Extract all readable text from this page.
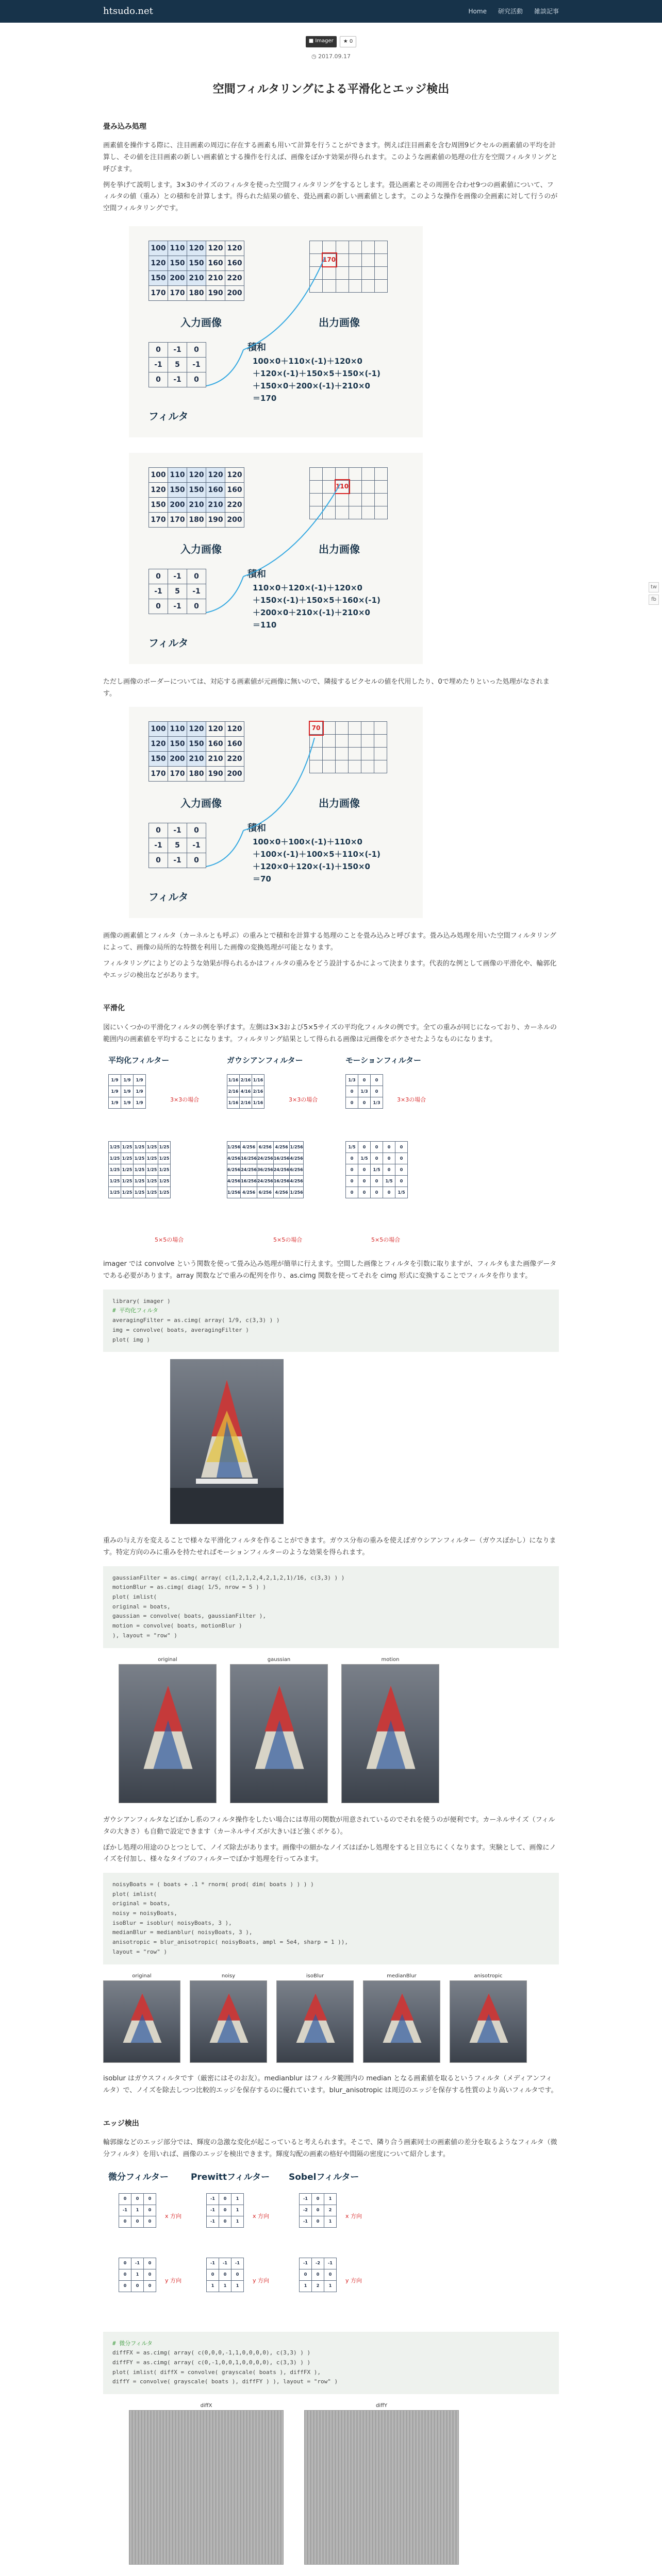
htsudo.net	Home 研究活動 雑談記事
tw
fb
■ Imager	★ 0
◷ 2017.09.17
空間フィルタリングによる平滑化とエッジ検出
畳み込み処理

画素値を操作する際に、注目画素の周辺に存在する画素も用いて計算を行うことができます。例えば注目画素を含む周囲9ピクセルの画素値の平均を計算し、その値を注目画素の新しい画素値とする操作を行えば、画像をぼかす効果が得られます。このような画素値の処理の仕方を空間フィルタリングと呼びます。

例を挙げて説明します。3×3のサイズのフィルタを使った空間フィルタリングをするとします。畳込画素とその周囲を合わせ9つの画素値について、フィルタの値（重み）との積和を計算します。得られた結果の値を、畳込画素の新しい画素値とします。このような操作を画像の全画素に対して行うのが空間フィルタリングです。

100	110	120	120	120
120	150	150	160	160
150	200	210	210	220
170	170	180	190	200
入力画像

	170				

出力画像
0	-1	0
-1	5	-1
0	-1	0
フィルタ
積和
100×0＋110×(-1)＋120×0
＋120×(-1)＋150×5＋150×(-1)
＋150×0＋200×(-1)＋210×0
＝170
100	110	120	120	120
120	150	150	160	160
150	200	210	210	220
170	170	180	190	200
入力画像

		110			

出力画像
0	-1	0
-1	5	-1
0	-1	0
フィルタ
積和
110×0＋120×(-1)＋120×0
＋150×(-1)＋150×5＋160×(-1)
＋200×0＋210×(-1)＋210×0
＝110

ただし画像のボーダーについては、対応する画素値が元画像に無いので、隣接するピクセルの値を代用したり、0で埋めたりといった処理がなされます。

100	110	120	120	120
120	150	150	160	160
150	200	210	210	220
170	170	180	190	200
入力画像
70					

出力画像
0	-1	0
-1	5	-1
0	-1	0
フィルタ
積和
100×0＋100×(-1)＋110×0
＋100×(-1)＋100×5＋110×(-1)
＋120×0＋120×(-1)＋150×0
＝70

画像の画素値とフィルタ（カーネルとも呼ぶ）の重みとで積和を計算する処理のことを畳み込みと呼びます。畳み込み処理を用いた空間フィルタリングによって、画像の局所的な特徴を利用した画像の変換処理が可能となります。

フィルタリングによりどのような効果が得られるかはフィルタの重みをどう設計するかによって決まります。代表的な例として画像の平滑化や、輪郭化やエッジの検出などがあります。

平滑化

図にいくつかの平滑化フィルタの例を挙げます。左側は3×3および5×5サイズの平均化フィルタの例です。全ての重みが同じになっており、カーネルの範囲内の画素値を平均することになります。フィルタリング結果として得られる画像は元画像をボケさせたようなものになります。

平均化フィルター	ガウシアンフィルター	モーションフィルター
1/9	1/9	1/9
1/9	1/9	1/9
1/9	1/9	1/9
1/16	2/16	1/16
2/16	4/16	2/16
1/16	2/16	1/16
1/3	0	0
0	1/3	0
0	0	1/3
3×3の場合	3×3の場合	3×3の場合
1/25	1/25	1/25	1/25	1/25
1/25	1/25	1/25	1/25	1/25
1/25	1/25	1/25	1/25	1/25
1/25	1/25	1/25	1/25	1/25
1/25	1/25	1/25	1/25	1/25
1/256	4/256	6/256	4/256	1/256
4/256	16/256	24/256	16/256	4/256
6/256	24/256	36/256	24/256	6/256
4/256	16/256	24/256	16/256	4/256
1/256	4/256	6/256	4/256	1/256
1/5	0	0	0	0
0	1/5	0	0	0
0	0	1/5	0	0
0	0	0	1/5	0
0	0	0	0	1/5
5×5の場合	5×5の場合	5×5の場合

imager では convolve という関数を使って畳み込み処理が簡単に行えます。空間した画像とフィルタを引数に取りますが、フィルタもまた画像データである必要があります。array 関数などで重みの配列を作り、as.cimg 関数を使ってそれを cimg 形式に変換することでフィルタを作ります。

library( imager )
# 平均化フィルタ
averagingFilter = as.cimg( array( 1/9, c(3,3) ) )
img = convolve( boats, averagingFilter )
plot( img )

重みの与え方を変えることで様々な平滑化フィルタを作ることができます。ガウス分布の重みを使えばガウシアンフィルター（ガウスぼかし）になります。特定方向のみに重みを持たせればモーションフィルターのような効果を得られます。

gaussianFilter = as.cimg( array( c(1,2,1,2,4,2,1,2,1)/16, c(3,3) ) )
motionBlur = as.cimg( diag( 1/5, nrow = 5 ) )
plot( imlist(
original = boats,
gaussian = convolve( boats, gaussianFilter ),
motion = convolve( boats, motionBlur )
), layout = "row" )
original	gaussian	motion

ガウシアンフィルタなどぼかし系のフィルタ操作をしたい場合には専用の関数が用意されているのでそれを使うのが便利です。カーネルサイズ（フィルタの大きさ）も自動で設定できます（カーネルサイズが大きいほど強くボケる）。

ぼかし処理の用途のひとつとして、ノイズ除去があります。画像中の細かなノイズはぼかし処理をすると目立ちにくくなります。実験として、画像にノイズを付加し、様々なタイプのフィルターでぼかす処理を行ってみます。

noisyBoats = ( boats + .1 * rnorm( prod( dim( boats ) ) ) )
plot( imlist(
original = boats,
noisy = noisyBoats,
isoBlur = isoblur( noisyBoats, 3 ),
medianBlur = medianblur( noisyBoats, 3 ),
anisotropic = blur_anisotropic( noisyBoats, ampl = 5e4, sharp = 1 )),
layout = "row" )
original	noisy	isoBlur	medianBlur	anisotropic

isoblur はガウスフィルタです（厳密にはそのお友）。medianblur はフィルタ範囲内の median となる画素値を取るというフィルタ（メディアンフィルタ）で、ノイズを除去しつつ比較的エッジを保存するのに優れています。blur_anisotropic は周辺のエッジを保存する性質のより高いフィルタです。

エッジ検出

輪郭線などのエッジ部分では、輝度の急激な変化が起こっていると考えられます。そこで、隣り合う画素同士の画素値の差分を取るようなフィルタ（微分フィルタ）を用いれば、画像のエッジを検出できます。輝度勾配の画素の格好や間隔の密度について紹介します。

微分フィルター	Prewittフィルター Sobelフィルター
0	0	0
-1	1	0
0	0	0
-1	0	1
-1	0	1
-1	0	1
-1	0	1
-2	0	2
-1	0	1
x 方向	x 方向	x 方向
0	-1	0
0	1	0
0	0	0
-1	-1	-1
0	0	0
1	1	1
-1	-2	-1
0	0	0
1	2	1
y 方向	y 方向	y 方向
# 微分フィルタ
diffFX = as.cimg( array( c(0,0,0,-1,1,0,0,0,0), c(3,3) ) )
diffFY = as.cimg( array( c(0,-1,0,0,1,0,0,0,0), c(3,3) ) )
plot( imlist( diffX = convolve( grayscale( boats ), diffFX ),
diffY = convolve( grayscale( boats ), diffFY ) ), layout = "row" )
diffX	diffY
